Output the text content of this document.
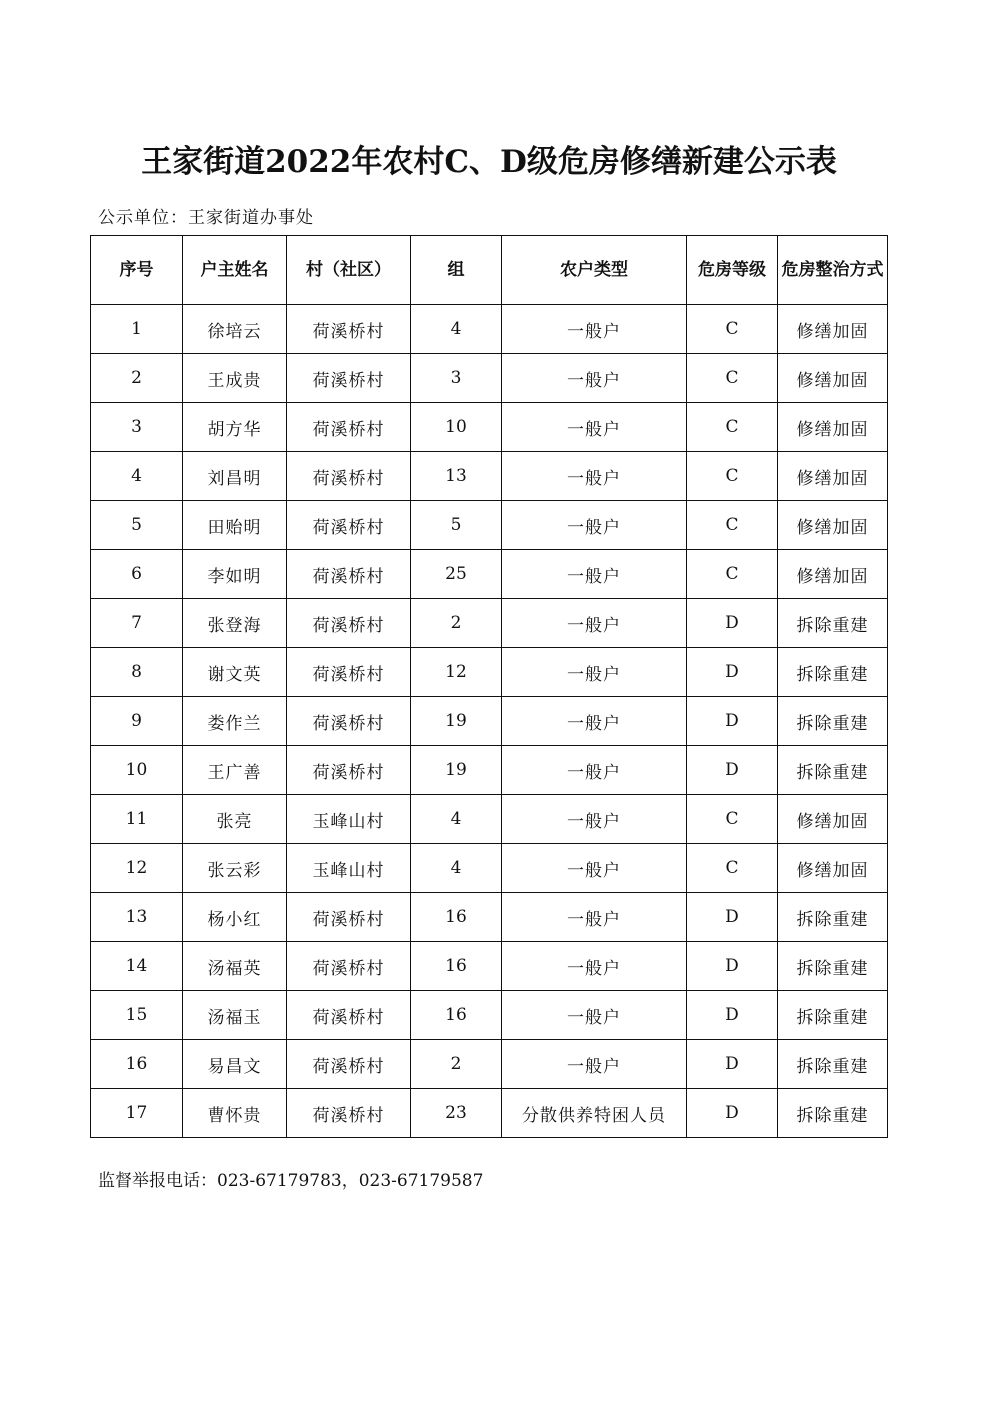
王家街道2022年农村C、D级危房修缮新建公示表
公示单位：王家街道办事处
序号	户主姓名	村（社区）	组	农户类型	危房等级	危房整治方式
1	徐培云	荷溪桥村	4	一般户	C	修缮加固
2	王成贵	荷溪桥村	3	一般户	C	修缮加固
3	胡方华	荷溪桥村	10	一般户	C	修缮加固
4	刘昌明	荷溪桥村	13	一般户	C	修缮加固
5	田贻明	荷溪桥村	5	一般户	C	修缮加固
6	李如明	荷溪桥村	25	一般户	C	修缮加固
7	张登海	荷溪桥村	2	一般户	D	拆除重建
8	谢文英	荷溪桥村	12	一般户	D	拆除重建
9	娄作兰	荷溪桥村	19	一般户	D	拆除重建
10	王广善	荷溪桥村	19	一般户	D	拆除重建
11	张亮	玉峰山村	4	一般户	C	修缮加固
12	张云彩	玉峰山村	4	一般户	C	修缮加固
13	杨小红	荷溪桥村	16	一般户	D	拆除重建
14	汤福英	荷溪桥村	16	一般户	D	拆除重建
15	汤福玉	荷溪桥村	16	一般户	D	拆除重建
16	易昌文	荷溪桥村	2	一般户	D	拆除重建
17	曹怀贵	荷溪桥村	23	分散供养特困人员	D	拆除重建
监督举报电话：023-67179783，023-67179587
